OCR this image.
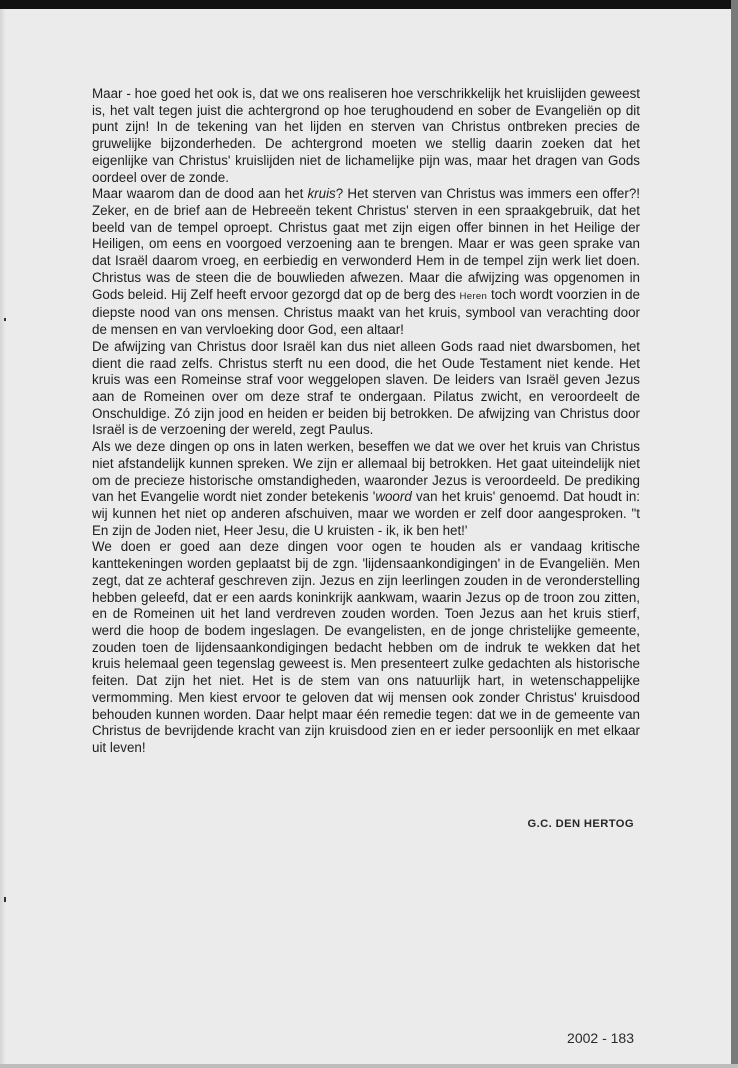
Maar - hoe goed het ook is, dat we ons realiseren hoe verschrikkelijk het kruislijden geweest is, het valt tegen juist die achtergrond op hoe terughoudend en sober de Evangeliën op dit punt zijn! In de tekening van het lijden en sterven van Christus ontbreken precies de gruwelijke bijzonderheden. De achtergrond moeten we stellig daarin zoeken dat het eigenlijke van Christus' kruislijden niet de lichamelijke pijn was, maar het dragen van Gods oordeel over de zonde.

Maar waarom dan de dood aan het kruis? Het sterven van Christus was immers een offer?! Zeker, en de brief aan de Hebreeën tekent Christus' sterven in een spraakgebruik, dat het beeld van de tempel oproept. Christus gaat met zijn eigen offer binnen in het Heilige der Heiligen, om eens en voorgoed verzoening aan te brengen. Maar er was geen sprake van dat Israël daarom vroeg, en eerbiedig en verwonderd Hem in de tempel zijn werk liet doen. Christus was de steen die de bouwlieden afwezen. Maar die afwijzing was opgenomen in Gods beleid. Hij Zelf heeft ervoor gezorgd dat op de berg des Heren toch wordt voorzien in de diepste nood van ons mensen. Christus maakt van het kruis, symbool van verachting door de mensen en van vervloeking door God, een altaar!

De afwijzing van Christus door Israël kan dus niet alleen Gods raad niet dwarsbomen, het dient die raad zelfs. Christus sterft nu een dood, die het Oude Testament niet kende. Het kruis was een Romeinse straf voor weggelopen slaven. De leiders van Israël geven Jezus aan de Romeinen over om deze straf te ondergaan. Pilatus zwicht, en veroordeelt de Onschuldige. Zó zijn jood en heiden er beiden bij betrokken. De afwijzing van Christus door Israël is de verzoening der wereld, zegt Paulus.

Als we deze dingen op ons in laten werken, beseffen we dat we over het kruis van Christus niet afstandelijk kunnen spreken. We zijn er allemaal bij betrokken. Het gaat uiteindelijk niet om de precieze historische omstandigheden, waaronder Jezus is veroordeeld. De prediking van het Evangelie wordt niet zonder betekenis 'woord van het kruis' genoemd. Dat houdt in: wij kunnen het niet op anderen afschuiven, maar we worden er zelf door aangesproken. "t En zijn de Joden niet, Heer Jesu, die U kruisten - ik, ik ben het!'

We doen er goed aan deze dingen voor ogen te houden als er vandaag kritische kanttekeningen worden geplaatst bij de zgn. 'lijdensaankondigingen' in de Evangeliën. Men zegt, dat ze achteraf geschreven zijn. Jezus en zijn leerlingen zouden in de veronderstelling hebben geleefd, dat er een aards koninkrijk aankwam, waarin Jezus op de troon zou zitten, en de Romeinen uit het land verdreven zouden worden. Toen Jezus aan het kruis stierf, werd die hoop de bodem ingeslagen. De evangelisten, en de jonge christelijke gemeente, zouden toen de lijdensaankondigingen bedacht hebben om de indruk te wekken dat het kruis helemaal geen tegenslag geweest is. Men presenteert zulke gedachten als historische feiten. Dat zijn het niet. Het is de stem van ons natuurlijk hart, in wetenschappelijke vermomming. Men kiest ervoor te geloven dat wij mensen ook zonder Christus' kruisdood behouden kunnen worden. Daar helpt maar één remedie tegen: dat we in de gemeente van Christus de bevrijdende kracht van zijn kruisdood zien en er ieder persoonlijk en met elkaar uit leven!

G.C. DEN HERTOG

2002 - 183
